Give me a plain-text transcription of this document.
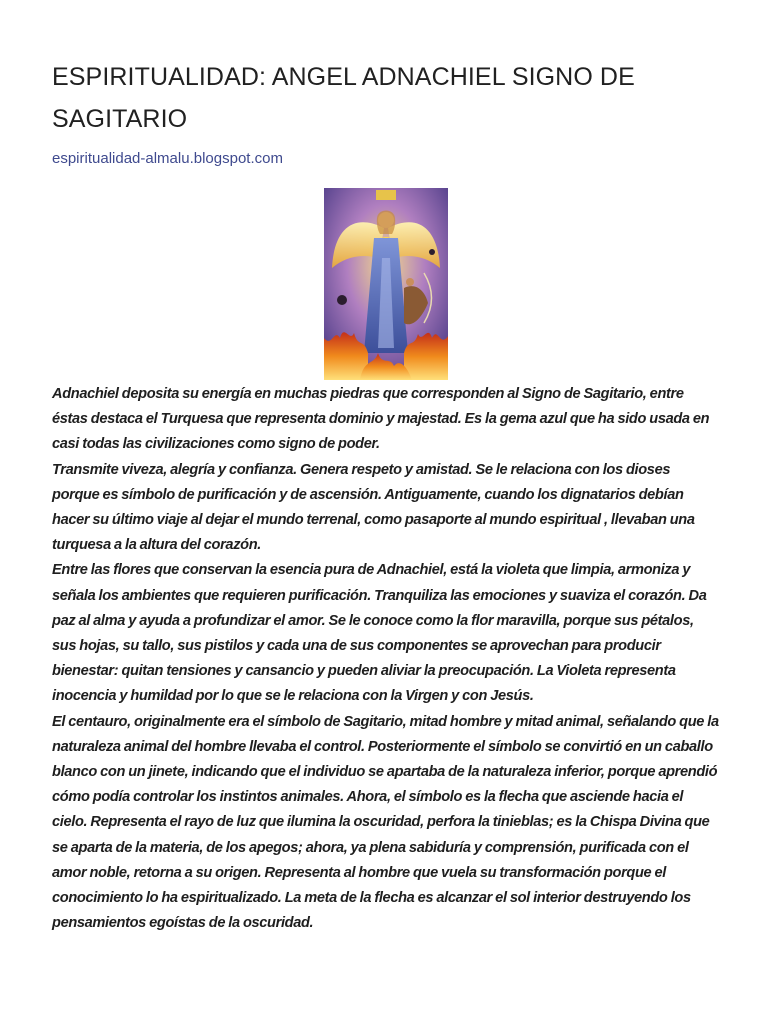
ESPIRITUALIDAD: ANGEL ADNACHIEL SIGNO DE SAGITARIO
espiritualidad-almalu.blogspot.com

Adnachiel deposita su energía en muchas piedras que corresponden al Signo de Sagitario, entre éstas destaca el Turquesa que representa dominio y majestad. Es la gema azul que ha sido usada en casi todas las civilizaciones como signo de poder.

Transmite viveza, alegría y confianza. Genera respeto y amistad. Se le relaciona con los dioses porque es símbolo de purificación y de ascensión. Antiguamente, cuando los dignatarios debían hacer su último viaje al dejar el mundo terrenal, como pasaporte al mundo espiritual , llevaban una turquesa a la altura del corazón.

Entre las flores que conservan la esencia pura de Adnachiel, está la violeta que limpia, armoniza y señala los ambientes que requieren purificación. Tranquiliza las emociones y suaviza el corazón. Da paz al alma y ayuda a profundizar el amor. Se le conoce como la flor maravilla, porque sus pétalos, sus hojas, su tallo, sus pistilos y cada una de sus componentes se aprovechan para producir bienestar: quitan tensiones y cansancio y pueden aliviar la preocupación. La Violeta representa inocencia y humildad por lo que se le relaciona con la Virgen y con Jesús.

El centauro, originalmente era el símbolo de Sagitario, mitad hombre y mitad animal, señalando que la naturaleza animal del hombre llevaba el control. Posteriormente el símbolo se convirtió en un caballo blanco con un jinete, indicando que el individuo se apartaba de la naturaleza inferior, porque aprendió cómo podía controlar los instintos animales. Ahora, el símbolo es la flecha que asciende hacia el cielo. Representa el rayo de luz que ilumina la oscuridad, perfora la tinieblas; es la Chispa Divina que se aparta de la materia, de los apegos; ahora, ya plena sabiduría y comprensión, purificada con el amor noble, retorna a su origen. Representa al hombre que vuela su transformación porque el conocimiento lo ha espiritualizado. La meta de la flecha es alcanzar el sol interior destruyendo los pensamientos egoístas de la oscuridad.
